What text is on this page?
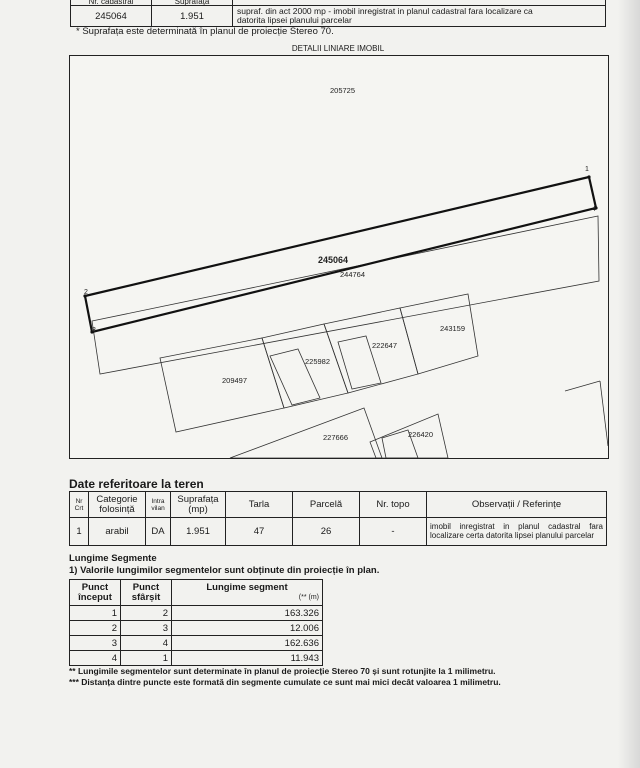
Nr. cadastral	Suprafața	
245064	1.951	supraf. din act 2000 mp - imobil inregistrat in planul cadastral fara localizare ca
datorita lipsei planului parcelar
* Suprafața este determinată în planul de proiecție Stereo 70.
DETALII LINIARE IMOBIL
205725
245064
244764
209497
225982
222647
243159
227666	226420
1
2
3
4
Date referitoare la teren
Nr Crt	Categorie folosință	Intra vilan	Suprafața (mp)	Tarla	Parcelă	Nr. topo	Observații / Referințe
1	arabil	DA	1.951	47	26	-	imobil inregistrat in planul cadastral fara localizare certa datorita lipsei planului parcelar
Lungime Segmente
1) Valorile lungimilor segmentelor sunt obținute din proiecție în plan.
Punct început	Punct sfârșit	Lungime segment
(** (m)

1	2	163.326
2	3	12.006
3	4	162.636
4	1	11.943
** Lungimile segmentelor sunt determinate în planul de proiecție Stereo 70 și sunt rotunjite la 1 milimetru.
*** Distanța dintre puncte este formată din segmente cumulate ce sunt mai mici decât valoarea 1 milimetru.
